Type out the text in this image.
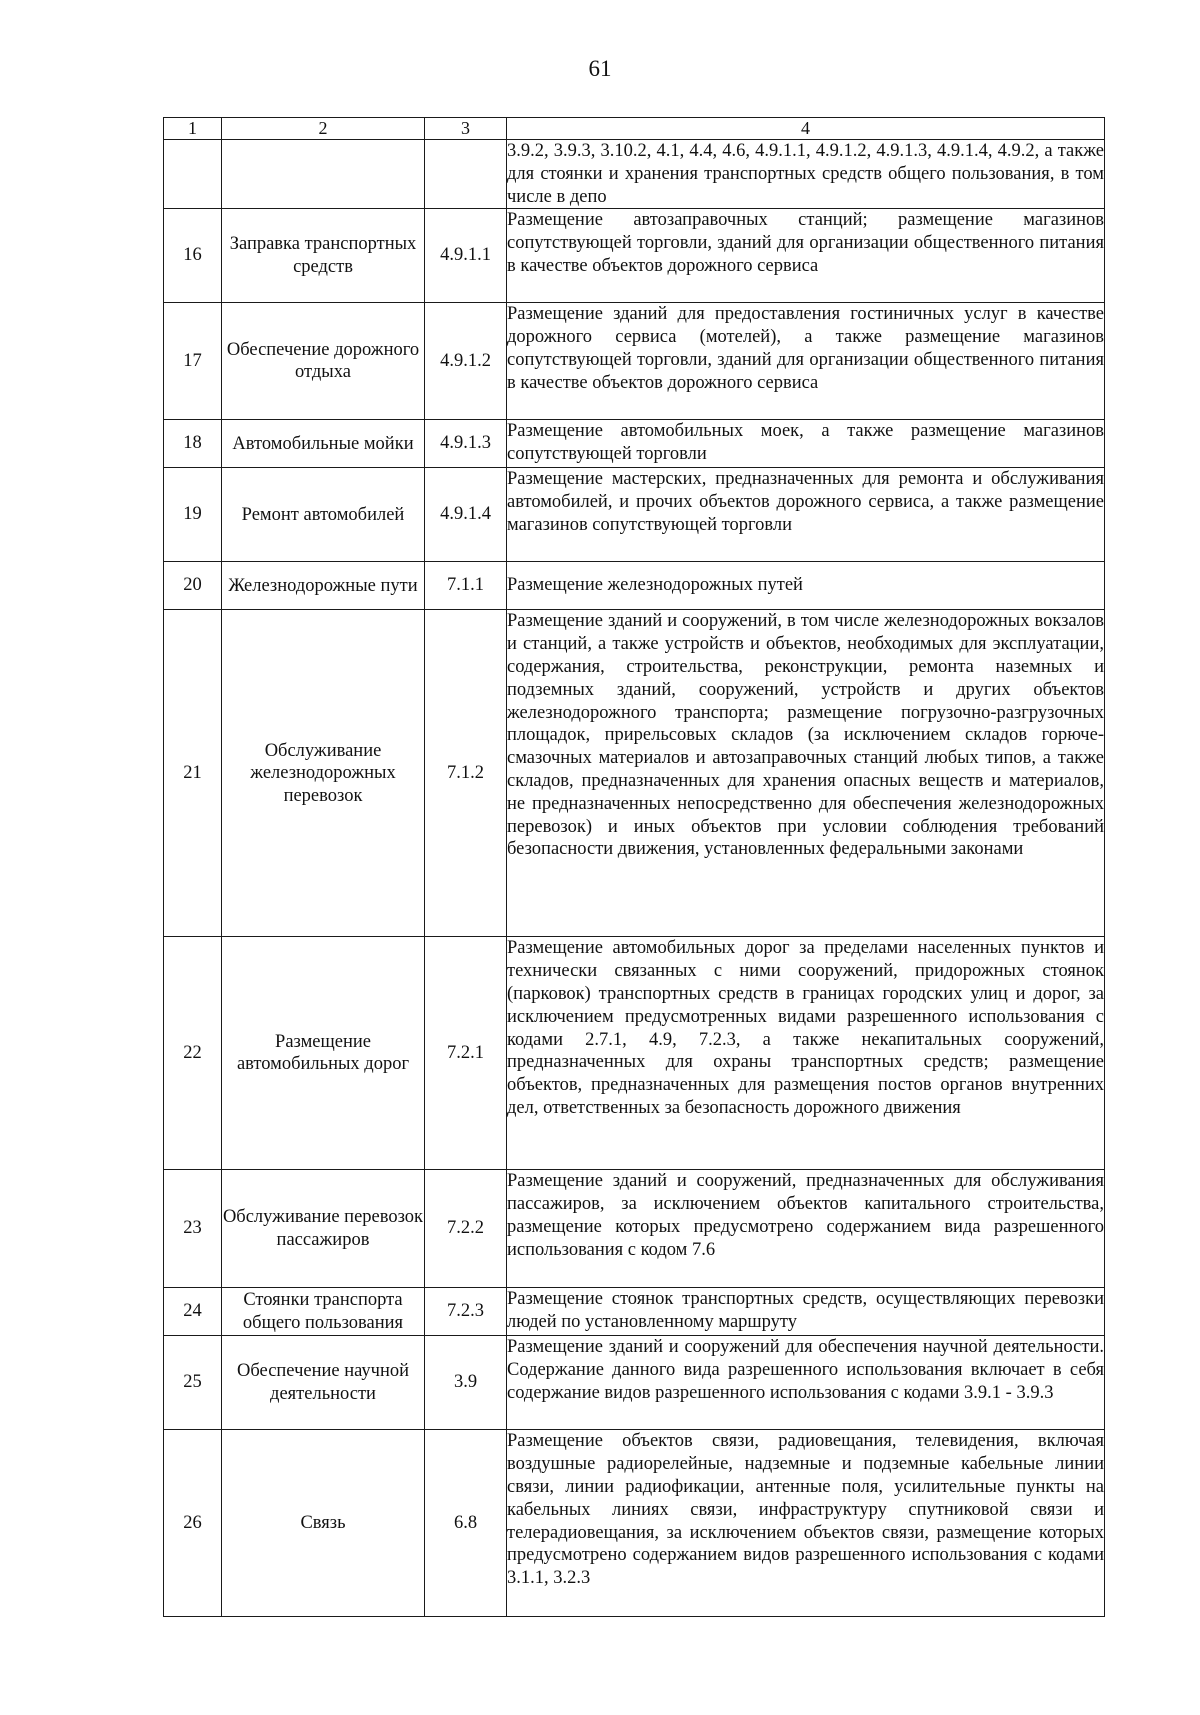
61
1	2	3	4
			3.9.2, 3.9.3, 3.10.2, 4.1, 4.4, 4.6, 4.9.1.1, 4.9.1.2, 4.9.1.3, 4.9.1.4, 4.9.2, а также для стоянки и хранения транспортных средств общего пользования, в том числе в депо
16	Заправка транспортных средств	4.9.1.1	Размещение автозаправочных станций; размещение магазинов сопутствующей торговли, зданий для организации общественного питания в качестве объектов дорожного сервиса
17	Обеспечение дорожного отдыха	4.9.1.2	Размещение зданий для предоставления гостиничных услуг в качестве дорожного сервиса (мотелей), а также размещение магазинов сопутствующей торговли, зданий для организации общественного питания в качестве объектов дорожного сервиса
18	Автомобильные мойки	4.9.1.3	Размещение автомобильных моек, а также размещение магазинов сопутствующей торговли
19	Ремонт автомобилей	4.9.1.4	Размещение мастерских, предназначенных для ремонта и обслуживания автомобилей, и прочих объектов дорожного сервиса, а также размещение магазинов сопутствующей торговли
20	Железнодорожные пути	7.1.1	Размещение железнодорожных путей
21	Обслуживание железнодорожных перевозок	7.1.2	Размещение зданий и сооружений, в том числе железнодорожных вокзалов и станций, а также устройств и объектов, необходимых для эксплуатации, содержания, строительства, реконструкции, ремонта наземных и подземных зданий, сооружений, устройств и других объектов железнодорожного транспорта; размещение погрузочно-разгрузочных площадок, прирельсовых складов (за исключением складов горюче-смазочных материалов и автозаправочных станций любых типов, а также складов, предназначенных для хранения опасных веществ и материалов, не предназначенных непосредственно для обеспечения железнодорожных перевозок) и иных объектов при условии соблюдения требований безопасности движения, установленных федеральными законами
22	Размещение автомобильных дорог	7.2.1	Размещение автомобильных дорог за пределами населенных пунктов и технически связанных с ними сооружений, придорожных стоянок (парковок) транспортных средств в границах городских улиц и дорог, за исключением предусмотренных видами разрешенного использования с кодами 2.7.1, 4.9, 7.2.3, а также некапитальных сооружений, предназначенных для охраны транспортных средств; размещение объектов, предназначенных для размещения постов органов внутренних дел, ответственных за безопасность дорожного движения
23	Обслуживание перевозок пассажиров	7.2.2	Размещение зданий и сооружений, предназначенных для обслуживания пассажиров, за исключением объектов капитального строительства, размещение которых предусмотрено содержанием вида разрешенного использования с кодом 7.6
24	Стоянки транспорта общего пользования	7.2.3	Размещение стоянок транспортных средств, осуществляющих перевозки людей по установленному маршруту
25	Обеспечение научной деятельности	3.9	Размещение зданий и сооружений для обеспечения научной деятельности. Содержание данного вида разрешенного использования включает в себя содержание видов разрешенного использования с кодами 3.9.1 - 3.9.3
26	Связь	6.8	Размещение объектов связи, радиовещания, телевидения, включая воздушные радиорелейные, надземные и подземные кабельные линии связи, линии радиофикации, антенные поля, усилительные пункты на кабельных линиях связи, инфраструктуру спутниковой связи и телерадиовещания, за исключением объектов связи, размещение которых предусмотрено содержанием видов разрешенного использования с кодами 3.1.1, 3.2.3
